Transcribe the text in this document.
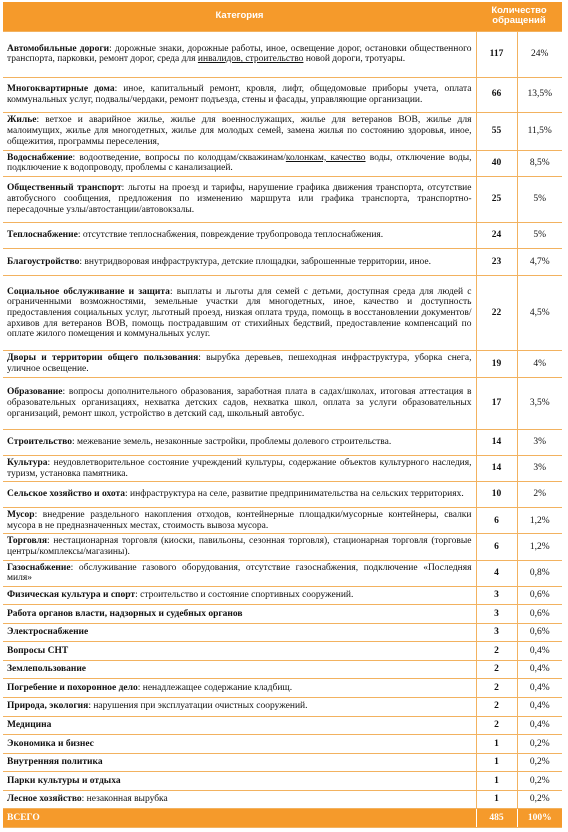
Категория	Количество обращений	
Автомобильные дороги: дорожные знаки, дорожные работы, иное, освещение дорог, остановки общественного транспорта, парковки, ремонт дорог, среда для инвалидов, строительство новой дороги, тротуары.	117	24%
Многоквартирные дома: иное, капитальный ремонт, кровля, лифт, общедомовые приборы учета, оплата коммунальных услуг, подвалы/чердаки, ремонт подъезда, стены и фасады, управляющие организации.	66	13,5%
Жилье: ветхое и аварийное жилье, жилье для военнослужащих, жилье для ветеранов ВОВ, жилье для малоимущих, жилье для многодетных, жилье для молодых семей, замена жилья по состоянию здоровья, иное, общежития, программы переселения,	55	11,5%
Водоснабжение: водоотведение, вопросы по колодцам/скважинам/колонкам, качество воды, отключение воды, подключение к водопроводу, проблемы с канализацией.	40	8,5%
Общественный транспорт: льготы на проезд и тарифы, нарушение графика движения транспорта, отсутствие автобусного сообщения, предложения по изменению маршрута или графика транспорта, транспортно-пересадочные узлы/автостанции/автовокзалы.	25	5%
Теплоснабжение: отсутствие теплоснабжения, повреждение трубопровода теплоснабжения.	24	5%
Благоустройство: внутридворовая инфраструктура, детские площадки, заброшенные территории, иное.	23	4,7%
Социальное обслуживание и защита: выплаты и льготы для семей с детьми, доступная среда для людей с ограниченными возможностями, земельные участки для многодетных, иное, качество и доступность предоставления социальных услуг, льготный проезд, низкая оплата труда, помощь в восстановлении документов/архивов для ветеранов ВОВ, помощь пострадавшим от стихийных бедствий, предоставление компенсаций по оплате жилого помещения и коммунальных услуг.	22	4,5%
Дворы и территории общего пользования: вырубка деревьев, пешеходная инфраструктура, уборка снега, уличное освещение.	19	4%
Образование: вопросы дополнительного образования, заработная плата в садах/школах, итоговая аттестация в образовательных организациях, нехватка детских садов, нехватка школ, оплата за услуги образовательных организаций, ремонт школ, устройство в детский сад, школьный автобус.	17	3,5%
Строительство: межевание земель, незаконные застройки, проблемы долевого строительства.	14	3%
Культура: неудовлетворительное состояние учреждений культуры, содержание объектов культурного наследия, туризм, установка памятника.	14	3%
Сельское хозяйство и охота: инфраструктура на селе, развитие предпринимательства на сельских территориях.	10	2%
Мусор: внедрение раздельного накопления отходов, контейнерные площадки/мусорные контейнеры, свалки мусора в не предназначенных местах, стоимость вывоза мусора.	6	1,2%
Торговля: нестационарная торговля (киоски, павильоны, сезонная торговля), стационарная торговля (торговые центры/комплексы/магазины).	6	1,2%
Газоснабжение: обслуживание газового оборудования, отсутствие газоснабжения, подключение «Последняя миля»	4	0,8%
Физическая культура и спорт: строительство и состояние спортивных сооружений.	3	0,6%
Работа органов власти, надзорных и судебных органов	3	0,6%
Электроснабжение	3	0,6%
Вопросы СНТ	2	0,4%
Землепользование	2	0,4%
Погребение и похоронное дело: ненадлежащее содержание кладбищ.	2	0,4%
Природа, экология: нарушения при эксплуатации очистных сооружений.	2	0,4%
Медицина	2	0,4%
Экономика и бизнес	1	0,2%
Внутренняя политика	1	0,2%
Парки культуры и отдыха	1	0,2%
Лесное хозяйство: незаконная вырубка	1	0,2%
ВСЕГО	485	100%
